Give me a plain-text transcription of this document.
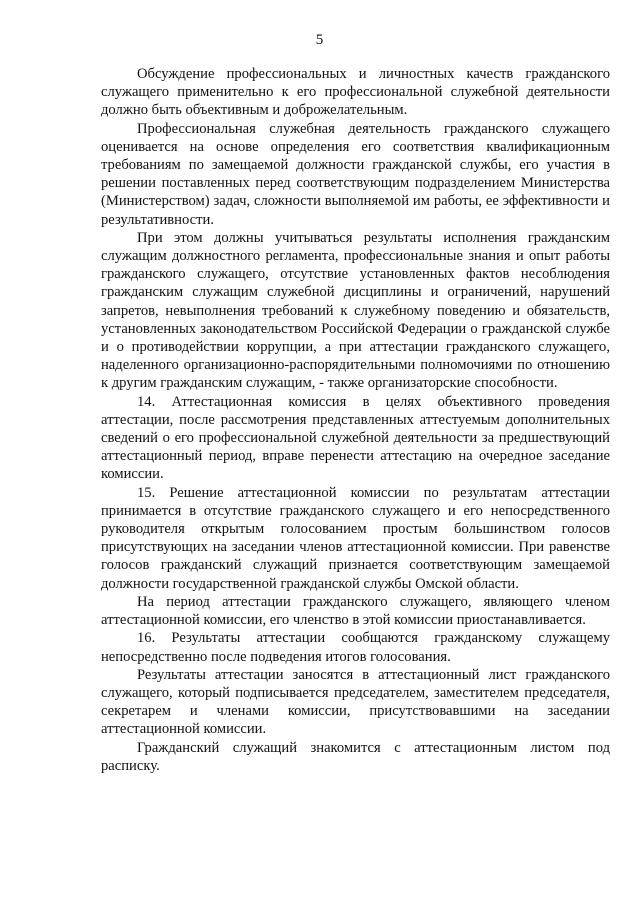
5

Обсуждение профессиональных и личностных качеств гражданского служащего применительно к его профессиональной служебной деятельности должно быть объективным и доброжелательным.

Профессиональная служебная деятельность гражданского служащего оценивается на основе определения его соответствия квалификационным требованиям по замещаемой должности гражданской службы, его участия в решении поставленных перед соответствующим подразделением Министерства (Министерством) задач, сложности выполняемой им работы, ее эффективности и результативности.

При этом должны учитываться результаты исполнения гражданским служащим должностного регламента, профессиональные знания и опыт работы гражданского служащего, отсутствие установленных фактов несоблюдения гражданским служащим служебной дисциплины и ограничений, нарушений запретов, невыполнения требований к служебному поведению и обязательств, установленных законодательством Российской Федерации о гражданской службе и о противодействии коррупции, а при аттестации гражданского служащего, наделенного организационно-распорядительными полномочиями по отношению к другим гражданским служащим, - также организаторские способности.

14. Аттестационная комиссия в целях объективного проведения аттестации, после рассмотрения представленных аттестуемым дополнительных сведений о его профессиональной служебной деятельности за предшествующий аттестационный период, вправе перенести аттестацию на очередное заседание комиссии.

15. Решение аттестационной комиссии по результатам аттестации принимается в отсутствие гражданского служащего и его непосредственного руководителя открытым голосованием простым большинством голосов присутствующих на заседании членов аттестационной комиссии. При равенстве голосов гражданский служащий признается соответствующим замещаемой должности государственной гражданской службы Омской области.

На период аттестации гражданского служащего, являющего членом аттестационной комиссии, его членство в этой комиссии приостанавливается.

16. Результаты аттестации сообщаются гражданскому служащему непосредственно после подведения итогов голосования.

Результаты аттестации заносятся в аттестационный лист гражданского служащего, который подписывается председателем, заместителем председателя, секретарем и членами комиссии, присутствовавшими на заседании аттестационной комиссии.

Гражданский служащий знакомится с аттестационным листом под расписку.
